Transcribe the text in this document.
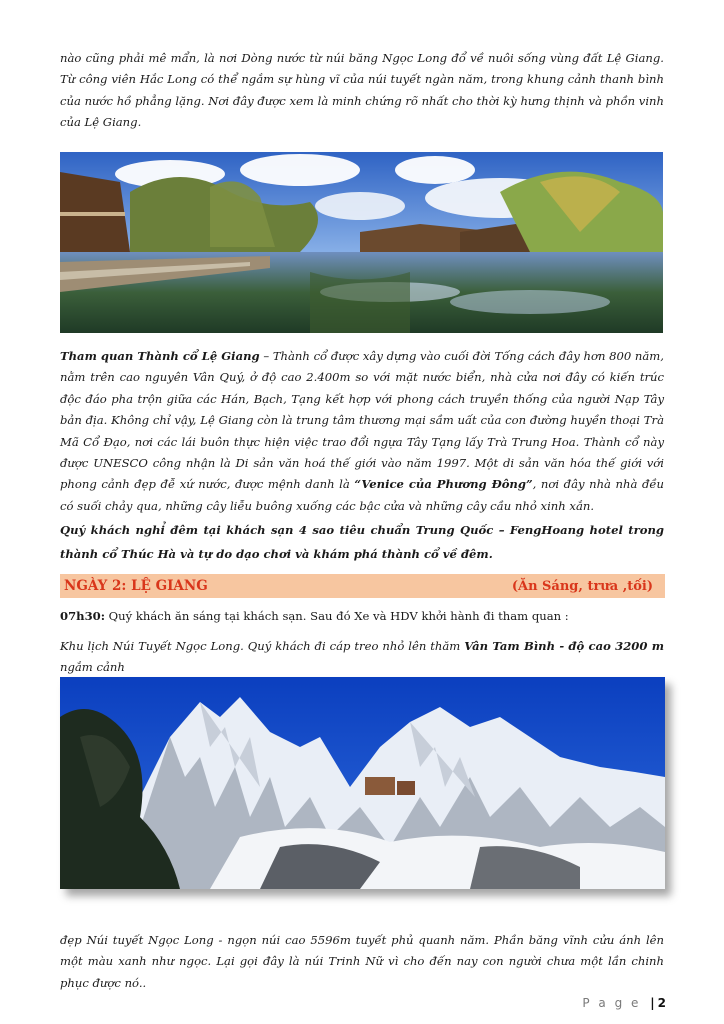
nào cũng phải mê mẩn, là nơi Dòng nước từ núi băng Ngọc Long đổ về nuôi sống vùng đất Lệ Giang. Từ công viên Hắc Long có thể ngắm sự hùng vĩ của núi tuyết ngàn năm, trong khung cảnh thanh bình của nước hồ phẳng lặng. Nơi đây được xem là minh chứng rõ nhất cho thời kỳ hưng thịnh và phồn vinh của Lệ Giang.

Tham quan Thành cổ Lệ Giang – Thành cổ được xây dựng vào cuối đời Tống cách đây hơn 800 năm, nằm trên cao nguyên Vân Quý, ở độ cao 2.400m so với mặt nước biển, nhà cửa nơi đây có kiến trúc độc đáo pha trộn giữa các Hán, Bạch, Tạng kết hợp với phong cách truyền thống của người Nạp Tây bản địa. Không chỉ vậy, Lệ Giang còn là trung tâm thương mại sầm uất của con đường huyền thoại Trà Mã Cổ Đạo, nơi các lái buôn thực hiện việc trao đổi ngựa Tây Tạng lấy Trà Trung Hoa. Thành cổ này được UNESCO công nhận là Di sản văn hoá thế giới vào năm 1997. Một di sản văn hóa thế giới với phong cảnh đẹp đễ xứ nước, được mệnh danh là “Venice của Phương Đông”, nơi đây nhà nhà đều có suối chảy qua, những cây liễu buông xuống các bậc cửa và những cây cầu nhỏ xinh xắn.

Quý khách nghỉ đêm tại khách sạn 4 sao tiêu chuẩn Trung Quốc – FengHoang hotel trong thành cổ Thúc Hà và tự do dạo chơi và khám phá thành cổ về đêm.

NGÀY 2: LỆ GIANG	(Ăn Sáng, trưa ,tối)

07h30: Quý khách ăn sáng tại khách sạn. Sau đó Xe và HDV khởi hành đi tham quan :

Khu lịch Núi Tuyết Ngọc Long. Quý khách đi cáp treo nhỏ lên thăm Vân Tam Bình - độ cao 3200 m ngắm cảnh

đẹp Núi tuyết Ngọc Long - ngọn núi cao 5596m tuyết phủ quanh năm. Phần băng vĩnh cửu ánh lên một màu xanh như ngọc. Lại gọi đây là núi Trinh Nữ vì cho đến nay con người chưa một lần chinh phục được nó..

P a g e | 2
